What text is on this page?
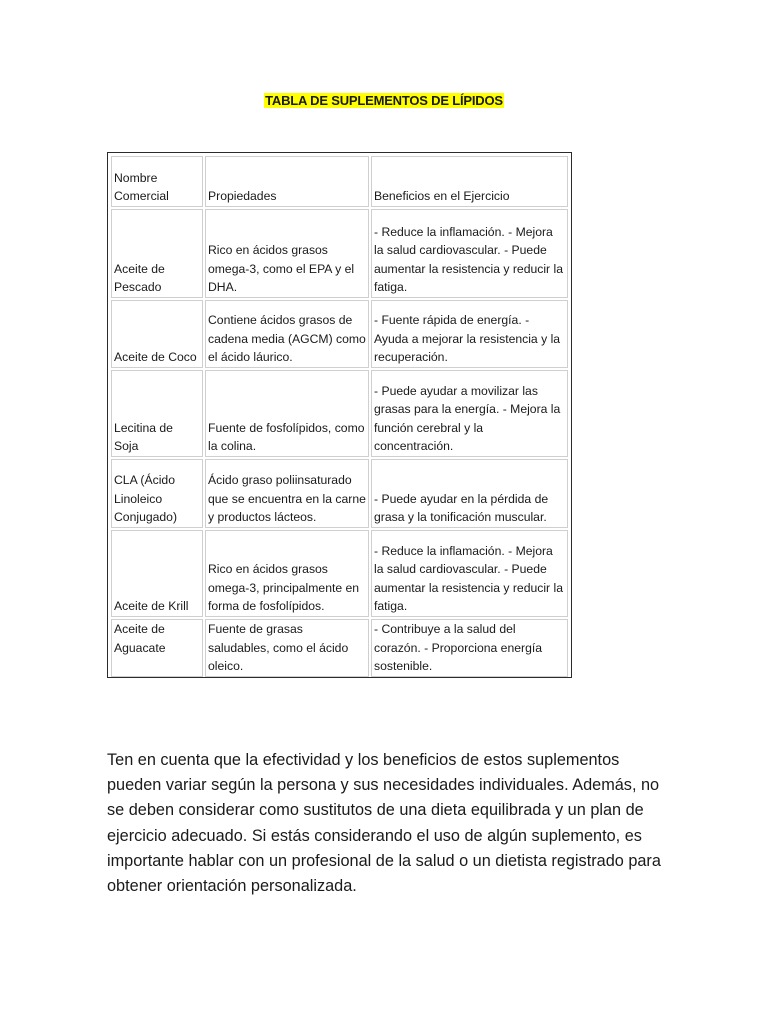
TABLA DE SUPLEMENTOS DE LÍPIDOS
Nombre Comercial	Propiedades	Beneficios en el Ejercicio
Aceite de Pescado	Rico en ácidos grasos omega-3, como el EPA y el DHA.	- Reduce la inflamación. - Mejora la salud cardiovascular. - Puede aumentar la resistencia y reducir la fatiga.
Aceite de Coco	Contiene ácidos grasos de cadena media (AGCM) como el ácido láurico.	- Fuente rápida de energía. - Ayuda a mejorar la resistencia y la recuperación.
Lecitina de Soja	Fuente de fosfolípidos, como la colina.	- Puede ayudar a movilizar las grasas para la energía. - Mejora la función cerebral y la concentración.
CLA (Ácido Linoleico Conjugado)	Ácido graso poliinsaturado que se encuentra en la carne y productos lácteos.	- Puede ayudar en la pérdida de grasa y la tonificación muscular.
Aceite de Krill	Rico en ácidos grasos omega-3, principalmente en forma de fosfolípidos.	- Reduce la inflamación. - Mejora la salud cardiovascular. - Puede aumentar la resistencia y reducir la fatiga.
Aceite de Aguacate	Fuente de grasas saludables, como el ácido oleico.	- Contribuye a la salud del corazón. - Proporciona energía sostenible.

Ten en cuenta que la efectividad y los beneficios de estos suplementos pueden variar según la persona y sus necesidades individuales. Además, no se deben considerar como sustitutos de una dieta equilibrada y un plan de ejercicio adecuado. Si estás considerando el uso de algún suplemento, es importante hablar con un profesional de la salud o un dietista registrado para obtener orientación personalizada.
